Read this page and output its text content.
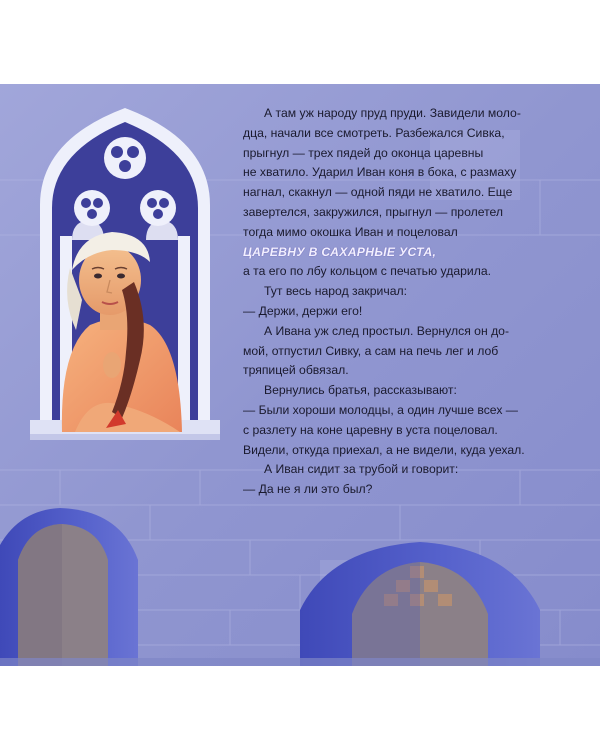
А там уж народу пруд пруди. Завидели моло-
дца, начали все смотреть. Разбежался Сивка,
прыгнул — трех пядей до оконца царевны
не хватило. Ударил Иван коня в бока, с размаху
нагнал, скакнул — одной пяди не хватило. Еще
завертелся, закружился, прыгнул — пролетел
тогда мимо окошка Иван и поцеловал
ЦАРЕВНУ В САХАРНЫЕ УСТА,
а та его по лбу кольцом с печатью ударила.
Тут весь народ закричал:
— Держи, держи его!
А Ивана уж след простыл. Вернулся он до-
мой, отпустил Сивку, а сам на печь лег и лоб
тряпицей обвязал.
Вернулись братья, рассказывают:
— Были хороши молодцы, а один лучше всех —
с разлету на коне царевну в уста поцеловал.
Видели, откуда приехал, а не видели, куда уехал.
А Иван сидит за трубой и говорит:
— Да не я ли это был?
